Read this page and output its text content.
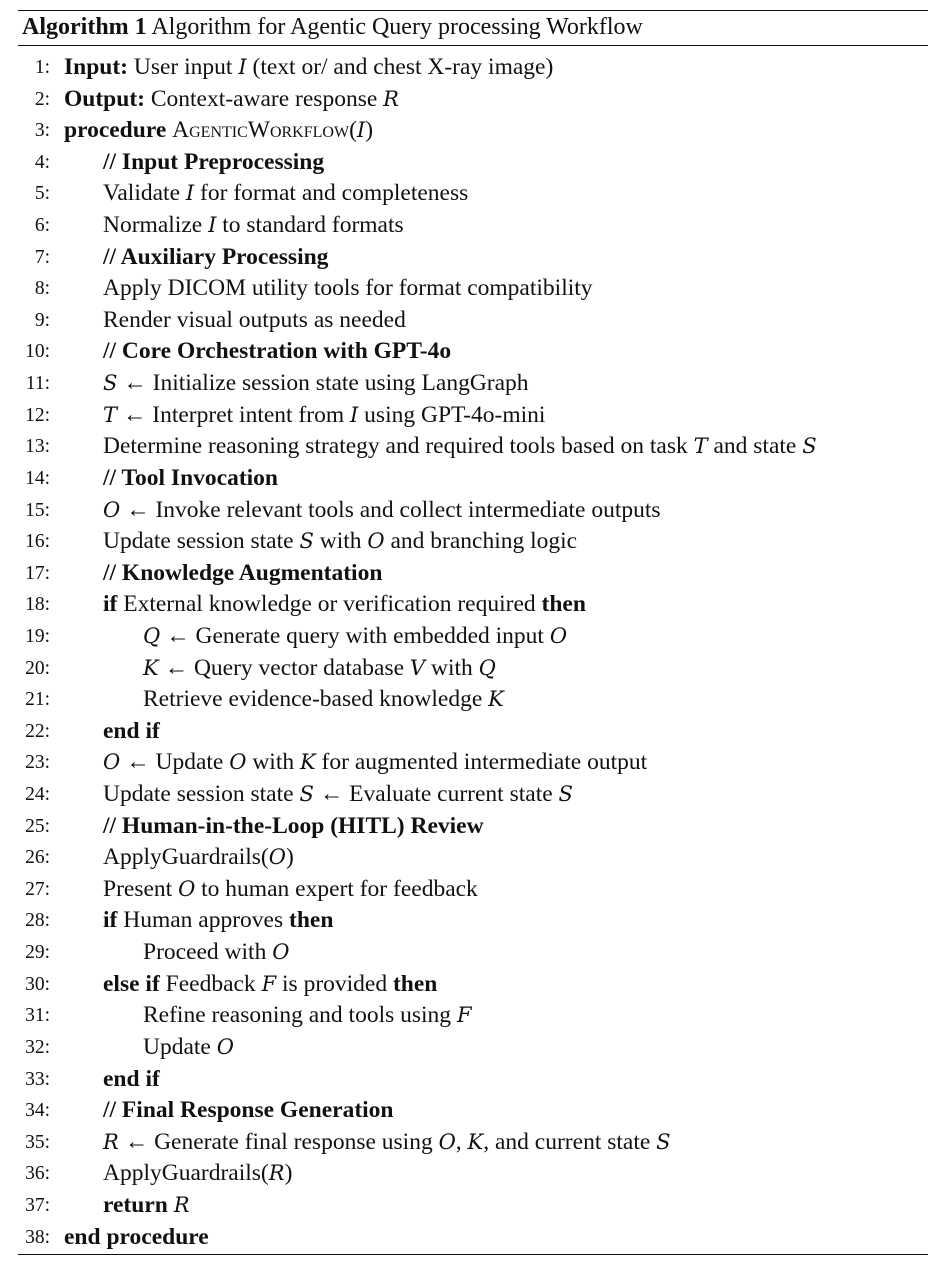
Algorithm 1 Algorithm for Agentic Query processing Workflow
1: Input: User input I (text or/ and chest X-ray image)
2: Output: Context-aware response R
3: procedure AgenticWorkflow(I)
4: // Input Preprocessing
5: Validate I for format and completeness
6: Normalize I to standard formats
7: // Auxiliary Processing
8: Apply DICOM utility tools for format compatibility
9: Render visual outputs as needed
10: // Core Orchestration with GPT-4o
11:	S ← Initialize session state using LangGraph
12:	T ← Interpret intent from I using GPT-4o-mini
13: Determine reasoning strategy and required tools based on task T and state S
14: // Tool Invocation
15:	O ← Invoke relevant tools and collect intermediate outputs
16: Update session state S with O and branching logic
17: // Knowledge Augmentation
18: if External knowledge or verification required then
19:	Q ← Generate query with embedded input O
20:	K ← Query vector database V with Q
21:	Retrieve evidence-based knowledge K
22: end if
23:	O ← Update O with K for augmented intermediate output
24: Update session state S ← Evaluate current state S
25: // Human-in-the-Loop (HITL) Review
26: ApplyGuardrails(O)
27: Present O to human expert for feedback
28: if Human approves then
29:	Proceed with O
30: else if Feedback F is provided then
31:	Refine reasoning and tools using F
32:	Update O
33: end if
34: // Final Response Generation
35:	R ← Generate final response using O, K, and current state S
36: ApplyGuardrails(R)
37: return R
38: end procedure
